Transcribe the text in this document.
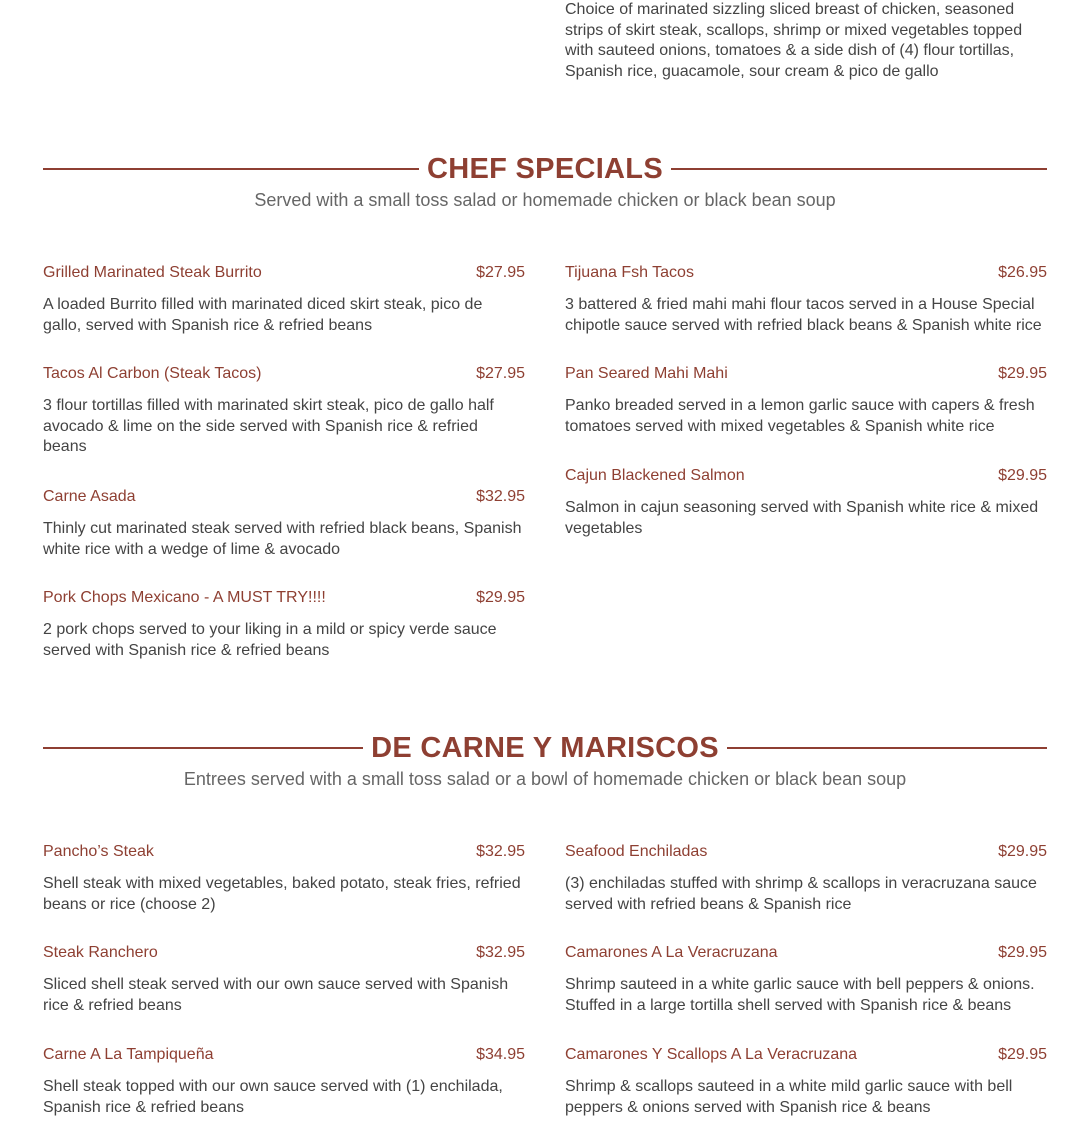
Choice of marinated sizzling sliced breast of chicken, seasoned strips of skirt steak, scallops, shrimp or mixed vegetables topped with sauteed onions, tomatoes & a side dish of (4) flour tortillas, Spanish rice, guacamole, sour cream & pico de gallo
CHEF SPECIALS
Served with a small toss salad or homemade chicken or black bean soup
Grilled Marinated Steak Burrito	$27.95
A loaded Burrito filled with marinated diced skirt steak, pico de gallo, served with Spanish rice & refried beans
Tacos Al Carbon (Steak Tacos)	$27.95
3 flour tortillas filled with marinated skirt steak, pico de gallo half avocado & lime on the side served with Spanish rice & refried beans
Carne Asada	$32.95
Thinly cut marinated steak served with refried black beans, Spanish white rice with a wedge of lime & avocado
Pork Chops Mexicano - A MUST TRY!!!!	$29.95
2 pork chops served to your liking in a mild or spicy verde sauce served with Spanish rice & refried beans
Tijuana Fsh Tacos	$26.95
3 battered & fried mahi mahi flour tacos served in a House Special chipotle sauce served with refried black beans & Spanish white rice
Pan Seared Mahi Mahi	$29.95
Panko breaded served in a lemon garlic sauce with capers & fresh tomatoes served with mixed vegetables & Spanish white rice
Cajun Blackened Salmon	$29.95
Salmon in cajun seasoning served with Spanish white rice & mixed vegetables
DE CARNE Y MARISCOS
Entrees served with a small toss salad or a bowl of homemade chicken or black bean soup
Pancho’s Steak	$32.95
Shell steak with mixed vegetables, baked potato, steak fries, refried beans or rice (choose 2)
Steak Ranchero	$32.95
Sliced shell steak served with our own sauce served with Spanish rice & refried beans
Carne A La Tampiqueña	$34.95
Shell steak topped with our own sauce served with (1) enchilada, Spanish rice & refried beans
Seafood Enchiladas	$29.95
(3) enchiladas stuffed with shrimp & scallops in veracruzana sauce served with refried beans & Spanish rice
Camarones A La Veracruzana	$29.95
Shrimp sauteed in a white garlic sauce with bell peppers & onions. Stuffed in a large tortilla shell served with Spanish rice & beans
Camarones Y Scallops A La Veracruzana	$29.95
Shrimp & scallops sauteed in a white mild garlic sauce with bell peppers & onions served with Spanish rice & beans
